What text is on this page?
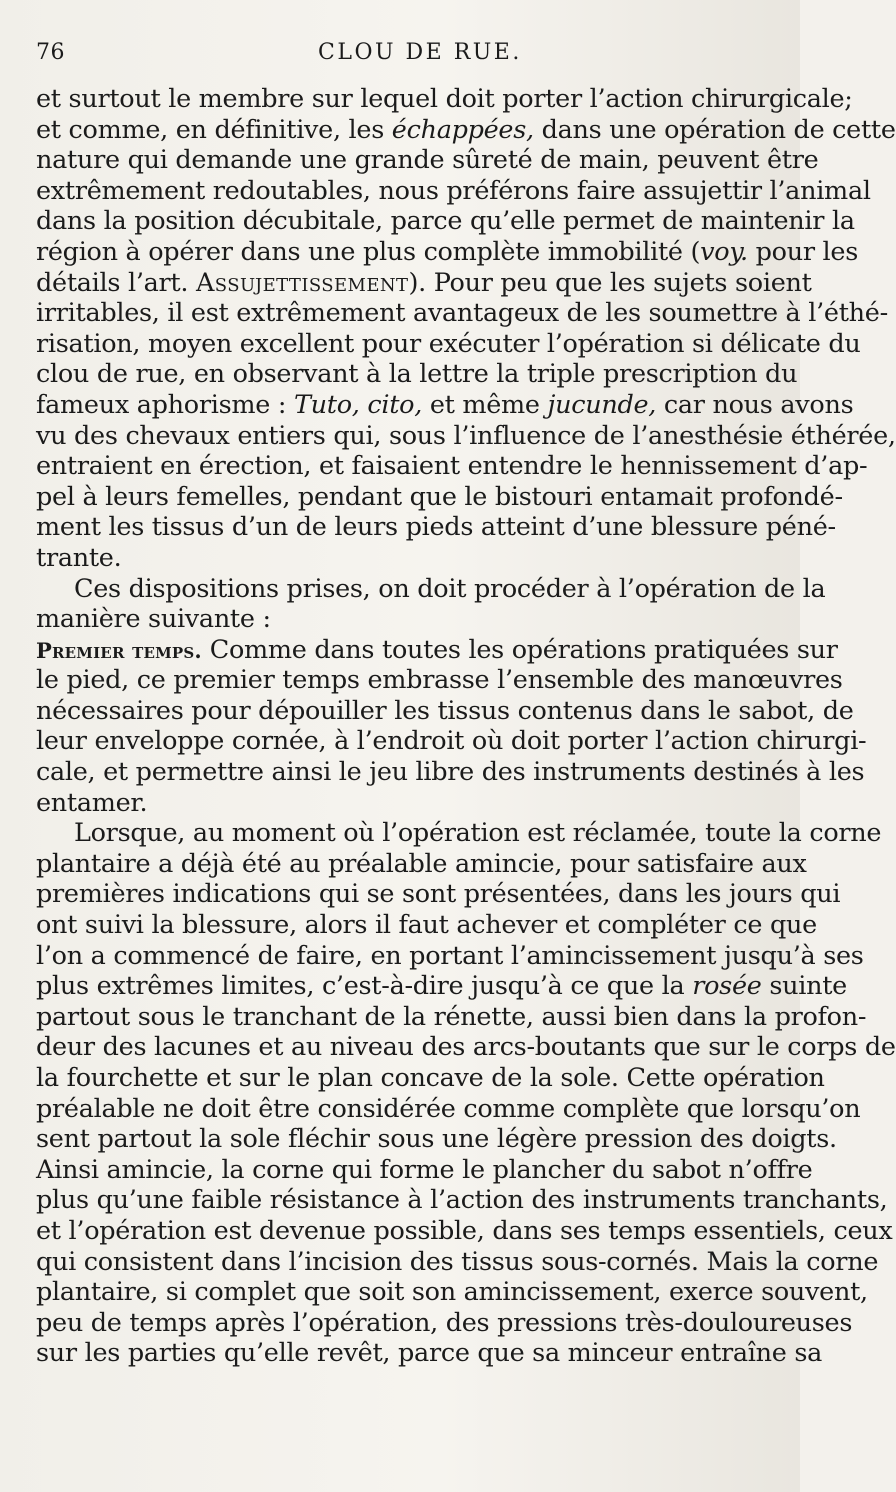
76	CLOU DE RUE.
et surtout le membre sur lequel doit porter l’action chirurgicale;
et comme, en définitive, les échappées, dans une opération de cette
nature qui demande une grande sûreté de main, peuvent être
extrêmement redoutables, nous préférons faire assujettir l’animal
dans la position décubitale, parce qu’elle permet de maintenir la
région à opérer dans une plus complète immobilité (voy. pour les
détails l’art. Assujettissement). Pour peu que les sujets soient
irritables, il est extrêmement avantageux de les soumettre à l’éthé-
risation, moyen excellent pour exécuter l’opération si délicate du
clou de rue, en observant à la lettre la triple prescription du
fameux aphorisme : Tuto, cito, et même jucunde, car nous avons
vu des chevaux entiers qui, sous l’influence de l’anesthésie éthérée,
entraient en érection, et faisaient entendre le hennissement d’ap-
pel à leurs femelles, pendant que le bistouri entamait profondé-
ment les tissus d’un de leurs pieds atteint d’une blessure péné-
trante.
Ces dispositions prises, on doit procéder à l’opération de la
manière suivante :
Premier temps. Comme dans toutes les opérations pratiquées sur
le pied, ce premier temps embrasse l’ensemble des manœuvres
nécessaires pour dépouiller les tissus contenus dans le sabot, de
leur enveloppe cornée, à l’endroit où doit porter l’action chirurgi-
cale, et permettre ainsi le jeu libre des instruments destinés à les
entamer.
Lorsque, au moment où l’opération est réclamée, toute la corne
plantaire a déjà été au préalable amincie, pour satisfaire aux
premières indications qui se sont présentées, dans les jours qui
ont suivi la blessure, alors il faut achever et compléter ce que
l’on a commencé de faire, en portant l’amincissement jusqu’à ses
plus extrêmes limites, c’est-à-dire jusqu’à ce que la rosée suinte
partout sous le tranchant de la rénette, aussi bien dans la profon-
deur des lacunes et au niveau des arcs-boutants que sur le corps de
la fourchette et sur le plan concave de la sole. Cette opération
préalable ne doit être considérée comme complète que lorsqu’on
sent partout la sole fléchir sous une légère pression des doigts.
Ainsi amincie, la corne qui forme le plancher du sabot n’offre
plus qu’une faible résistance à l’action des instruments tranchants,
et l’opération est devenue possible, dans ses temps essentiels, ceux
qui consistent dans l’incision des tissus sous-cornés. Mais la corne
plantaire, si complet que soit son amincissement, exerce souvent,
peu de temps après l’opération, des pressions très-douloureuses
sur les parties qu’elle revêt, parce que sa minceur entraîne sa
